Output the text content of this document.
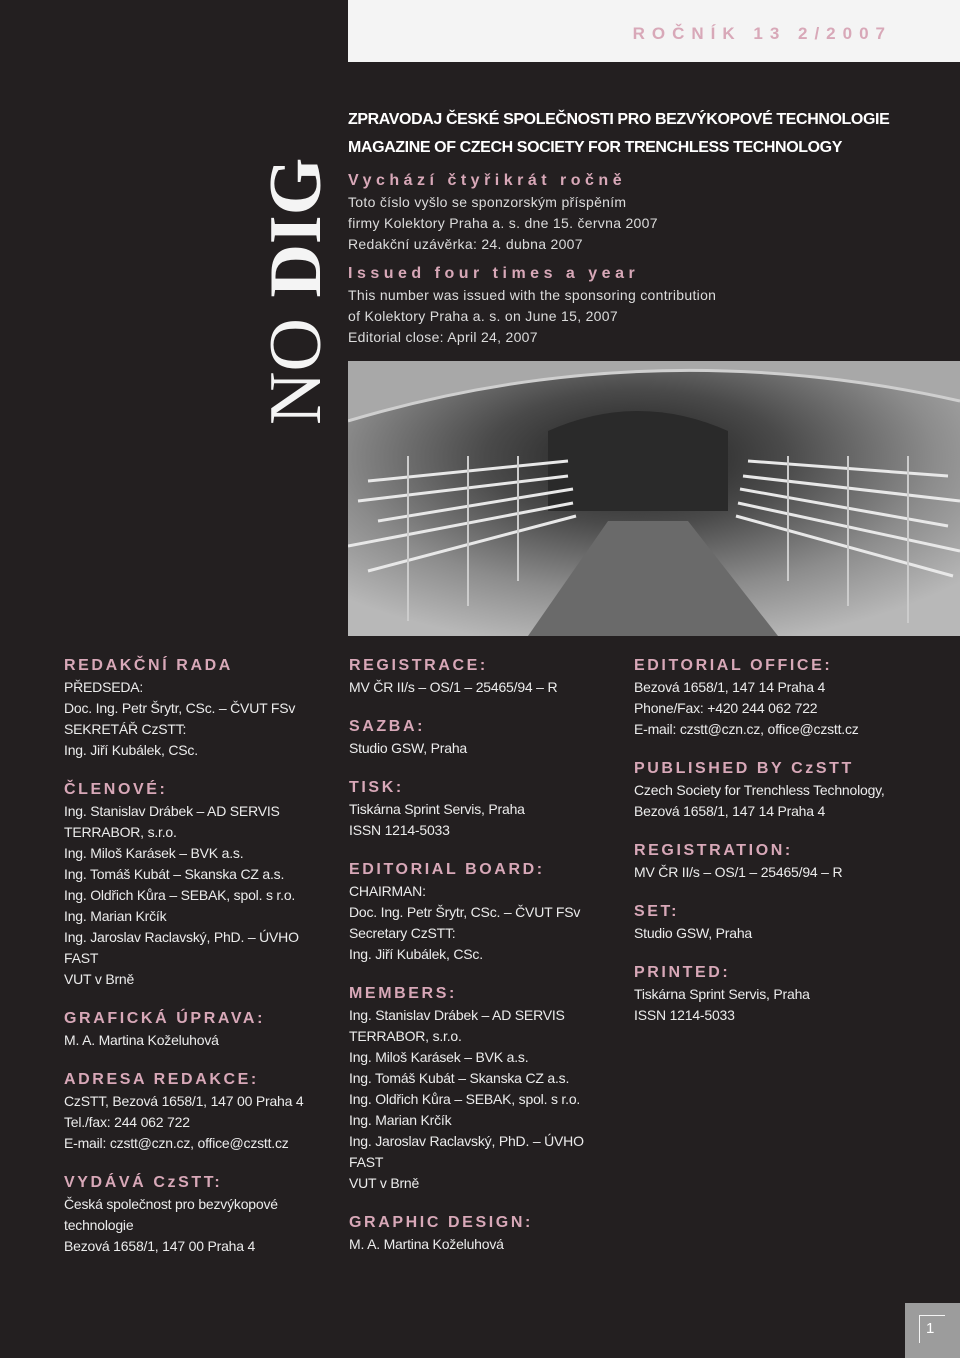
ROČNÍK 13 2/2007
NO DIG
ZPRAVODAJ ČESKÉ SPOLEČNOSTI PRO BEZVÝKOPOVÉ TECHNOLOGIE
MAGAZINE OF CZECH SOCIETY FOR TRENCHLESS TECHNOLOGY
Vychází čtyřikrát ročně
Toto číslo vyšlo se sponzorským příspěním
firmy Kolektory Praha a. s. dne 15. června 2007
Redakční uzávěrka: 24. dubna 2007
Issued four times a year
This number was issued with the sponsoring contribution
of Kolektory Praha a. s. on June 15, 2007
Editorial close: April 24, 2007
REDAKČNÍ RADA
PŘEDSEDA:
Doc. Ing. Petr Šrytr, CSc. – ČVUT FSv
SEKRETÁŘ CzSTT:
Ing. Jiří Kubálek, CSc.
ČLENOVÉ:
Ing. Stanislav Drábek – AD SERVIS
TERRABOR, s.r.o.
Ing. Miloš Karásek – BVK a.s.
Ing. Tomáš Kubát – Skanska CZ a.s.
Ing. Oldřich Kůra – SEBAK, spol. s r.o.
Ing. Marian Krčík
Ing. Jaroslav Raclavský, PhD. – ÚVHO FAST
VUT v Brně
GRAFICKÁ ÚPRAVA:
M. A. Martina Koželuhová
ADRESA REDAKCE:
CzSTT, Bezová 1658/1, 147 00 Praha 4
Tel./fax: 244 062 722
E-mail: czstt@czn.cz, office@czstt.cz
VYDÁVÁ CzSTT:
Česká společnost pro bezvýkopové
technologie
Bezová 1658/1, 147 00 Praha 4
REGISTRACE:
MV ČR II/s – OS/1 – 25465/94 – R
SAZBA:
Studio GSW, Praha
TISK:
Tiskárna Sprint Servis, Praha
ISSN 1214-5033
EDITORIAL BOARD:
CHAIRMAN:
Doc. Ing. Petr Šrytr, CSc. – ČVUT FSv
Secretary CzSTT:
Ing. Jiří Kubálek, CSc.
MEMBERS:
Ing. Stanislav Drábek – AD SERVIS
TERRABOR, s.r.o.
Ing. Miloš Karásek – BVK a.s.
Ing. Tomáš Kubát – Skanska CZ a.s.
Ing. Oldřich Kůra – SEBAK, spol. s r.o.
Ing. Marian Krčík
Ing. Jaroslav Raclavský, PhD. – ÚVHO FAST
VUT v Brně
GRAPHIC DESIGN:
M. A. Martina Koželuhová
EDITORIAL OFFICE:
Bezová 1658/1, 147 14 Praha 4
Phone/Fax: +420 244 062 722
E-mail: czstt@czn.cz, office@czstt.cz
PUBLISHED BY CzSTT
Czech Society for Trenchless Technology,
Bezová 1658/1, 147 14 Praha 4
REGISTRATION:
MV ČR II/s – OS/1 – 25465/94 – R
SET:
Studio GSW, Praha
PRINTED:
Tiskárna Sprint Servis, Praha
ISSN 1214-5033
1
